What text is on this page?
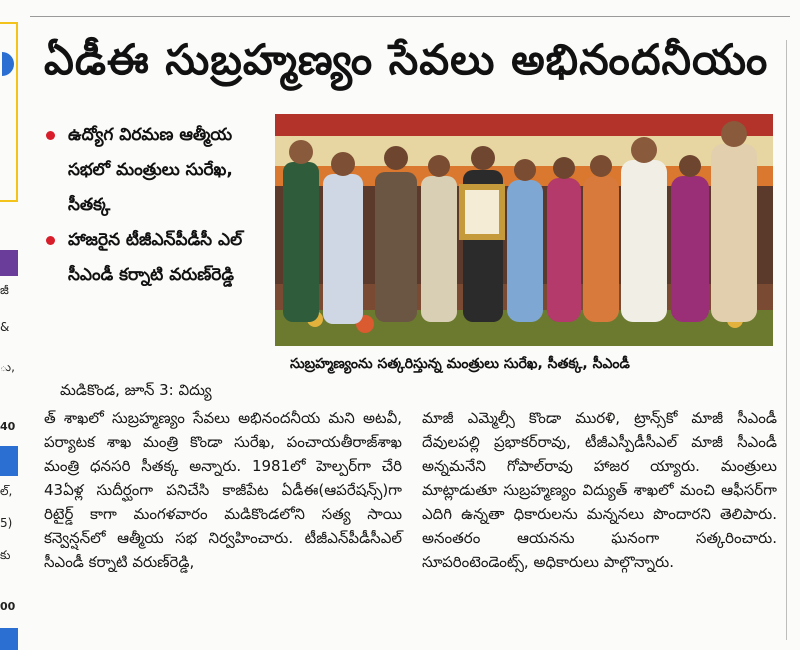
జీ
&
ు,
40
ల్,
5)
కు
00
ఏడీఈ సుబ్రహ్మణ్యం సేవలు అభినందనీయం
ఉద్యోగ విరమణ ఆత్మీయ సభలో మంత్రులు సురేఖ, సీతక్క
హాజరైన టీజీఎన్‌పీడీసీ ఎల్‌ సీఎండీ కర్నాటి వరుణ్‌రెడ్డి
సుబ్రహ్మణ్యంను సత్కరిస్తున్న మంత్రులు సురేఖ, సీతక్క, సీఎండీ
మడికొండ, జూన్‌ 3: విద్యు
త్‌ శాఖలో సుబ్రహ్మణ్యం సేవలు అభినందనీయ మని అటవీ, పర్యాటక శాఖ మంత్రి కొండా సురేఖ, పంచాయతీరాజ్‌శాఖ మంత్రి ధనసరి సీతక్క అన్నారు. 1981లో హెల్పర్‌గా చేరి 43ఏళ్ల సుదీర్ఘంగా పనిచేసి కాజీపేట ఏడీఈ(ఆపరేషన్స్‌)గా రిటైర్డ్‌ కాగా మంగళవారం మడికొండలోని సత్య సాయి కన్వెన్షన్‌లో ఆత్మీయ సభ నిర్వహించారు. టీజీఎన్‌పీడీసీఎల్‌ సీఎండీ కర్నాటి వరుణ్‌రెడ్డి,
మాజీ ఎమ్మెల్సీ కొండా మురళి, ట్రాన్స్‌కో మాజీ సీఎండీ దేవులపల్లి ప్రభాకర్‌రావు, టీజీఎస్పీడీసీఎల్‌ మాజీ సీఎండీ అన్నమనేని గోపాల్‌రావు హాజర య్యారు. మంత్రులు మాట్లాడుతూ సుబ్రహ్మణ్యం విద్యుత్‌ శాఖలో మంచి ఆఫీసర్‌గా ఎదిగి ఉన్నతా ధికారులను మన్ననలు పొందారని తెలిపారు. అనంతరం ఆయనను ఘనంగా సత్కరించారు. సూపరింటెండెంట్స్‌, అధికారులు పాల్గొన్నారు.
